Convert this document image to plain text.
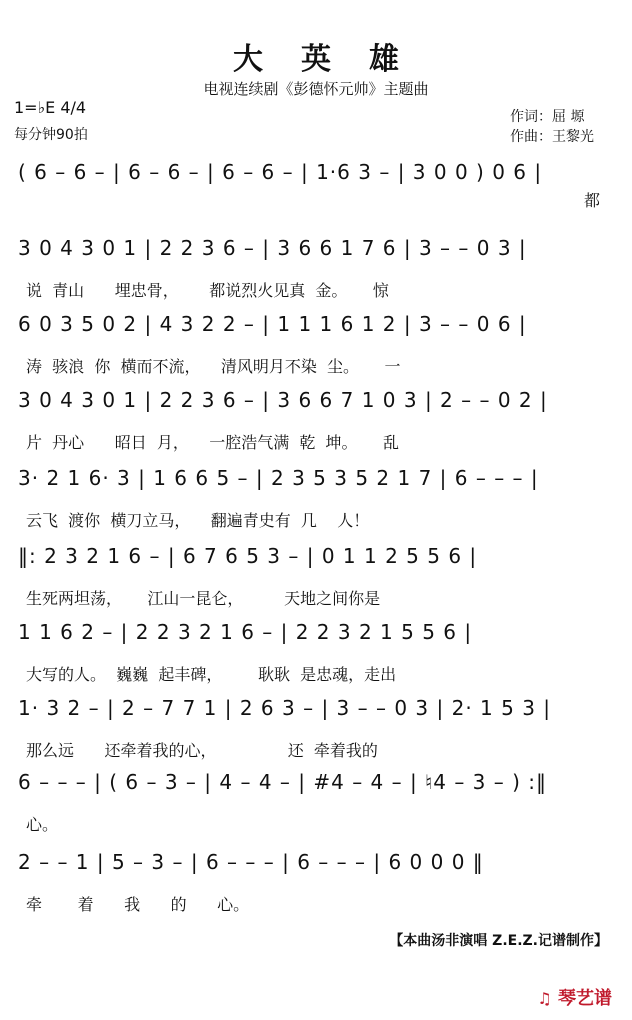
大英雄
电视连续剧《彭德怀元帅》主题曲
1=♭E 4/4
每分钟90拍
作词：屈 塬
作曲：王黎光
( 6 – 6 – | 6 – 6 – | 6 – 6 – | 1·6 3 – | 3 0 0 ) 0 6 |
都
3 0 4 3 0 1 | 2 2 3 6 – | 3 6 6 1 7 6 | 3 – – 0 3 |
说  青山      埋忠骨，      都说烈火见真  金。     惊
6 0 3 5 0 2 | 4 3 2 2 – | 1 1 1 6 1 2 | 3 – – 0 6 |
涛  骇浪  你  横而不流，    清风明月不染  尘。     一
3 0 4 3 0 1 | 2 2 3 6 – | 3 6 6 7 1 0 3 | 2 – – 0 2 |
片  丹心      昭日  月，    一腔浩气满  乾  坤。     乱
3· 2 1 6· 3 | 1 6 6 5 – | 2 3 5 3 5 2 1 7 | 6 – – – |
云飞  渡你  横刀立马，    翻遍青史有  几    人！
‖: 2 3 2 1 6 – | 6 7 6 5 3 – | 0 1 1 2 5 5 6 |
生死两坦荡，     江山一昆仑，        天地之间你是
1 1 6 2 – | 2 2 3 2 1 6 – | 2 2 3 2 1 5 5 6 |
大写的人。  巍巍  起丰碑，       耿耿  是忠魂，走出
1· 3 2 – | 2 – 7 7 1 | 2 6 3 – | 3 – – 0 3 | 2· 1 5 3 |
那么远      还牵着我的心，              还  牵着我的
6 – – – | ( 6 – 3 – | 4 – 4 – | #4 – 4 – | ♮4 – 3 – ) :‖
心。
2 – – 1 | 5 – 3 – | 6 – – – | 6 – – – | 6 0 0 0 ‖
牵       着      我      的      心。
【本曲汤非演唱 Z.E.Z.记谱制作】
♫ 琴艺谱
